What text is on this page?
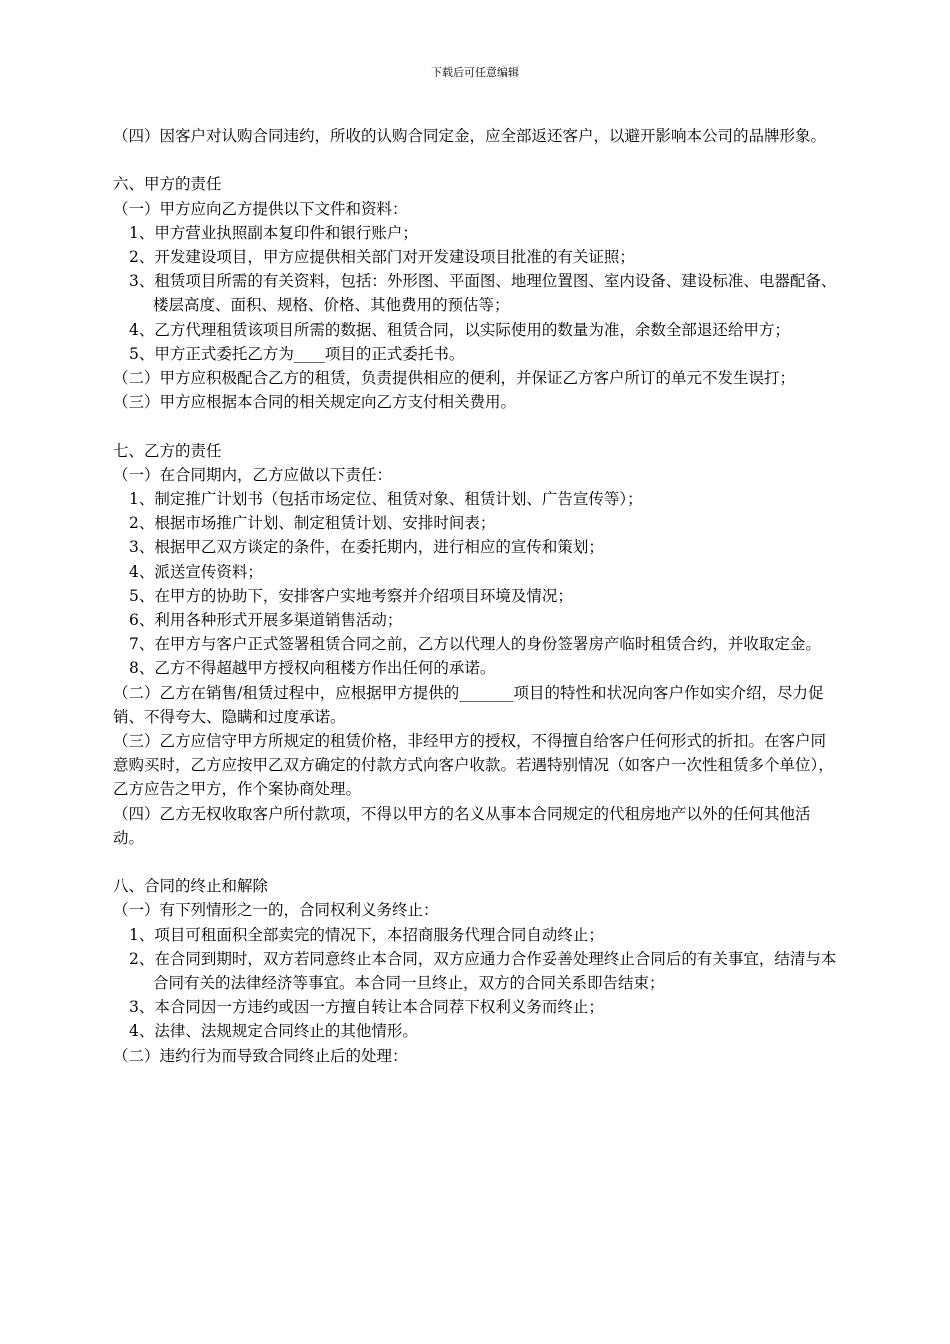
下载后可任意编辑

（四）因客户对认购合同违约，所收的认购合同定金，应全部返还客户，以避开影响本公司的品牌形象。

六、甲方的责任

（一）甲方应向乙方提供以下文件和资料：

1、甲方营业执照副本复印件和银行账户；

2、开发建设项目，甲方应提供相关部门对开发建设项目批准的有关证照；

3、租赁项目所需的有关资料，包括：外形图、平面图、地理位置图、室内设备、建设标准、电器配备、楼层高度、面积、规格、价格、其他费用的预估等；

4、乙方代理租赁该项目所需的数据、租赁合同，以实际使用的数量为准，余数全部退还给甲方；

5、甲方正式委托乙方为____项目的正式委托书。

（二）甲方应积极配合乙方的租赁，负责提供相应的便利，并保证乙方客户所订的单元不发生误打；

（三）甲方应根据本合同的相关规定向乙方支付相关费用。

七、乙方的责任

（一）在合同期内，乙方应做以下责任：

1、制定推广计划书（包括市场定位、租赁对象、租赁计划、广告宣传等）；

2、根据市场推广计划、制定租赁计划、安排时间表；

3、根据甲乙双方谈定的条件，在委托期内，进行相应的宣传和策划；

4、派送宣传资料；

5、在甲方的协助下，安排客户实地考察并介绍项目环境及情况；

6、利用各种形式开展多渠道销售活动；

7、在甲方与客户正式签署租赁合同之前，乙方以代理人的身份签署房产临时租赁合约，并收取定金。

8、乙方不得超越甲方授权向租楼方作出任何的承诺。

（二）乙方在销售/租赁过程中，应根据甲方提供的_______项目的特性和状况向客户作如实介绍，尽力促销、不得夸大、隐瞒和过度承诺。

（三）乙方应信守甲方所规定的租赁价格，非经甲方的授权，不得擅自给客户任何形式的折扣。在客户同意购买时，乙方应按甲乙双方确定的付款方式向客户收款。若遇特别情况（如客户一次性租赁多个单位），乙方应告之甲方，作个案协商处理。

（四）乙方无权收取客户所付款项，不得以甲方的名义从事本合同规定的代租房地产以外的任何其他活动。

八、合同的终止和解除

（一）有下列情形之一的，合同权利义务终止：

1、项目可租面积全部卖完的情况下，本招商服务代理合同自动终止；

2、在合同到期时，双方若同意终止本合同，双方应通力合作妥善处理终止合同后的有关事宜，结清与本合同有关的法律经济等事宜。本合同一旦终止，双方的合同关系即告结束；

3、本合同因一方违约或因一方擅自转让本合同荐下权利义务而终止；

4、法律、法规规定合同终止的其他情形。

（二）违约行为而导致合同终止后的处理：
